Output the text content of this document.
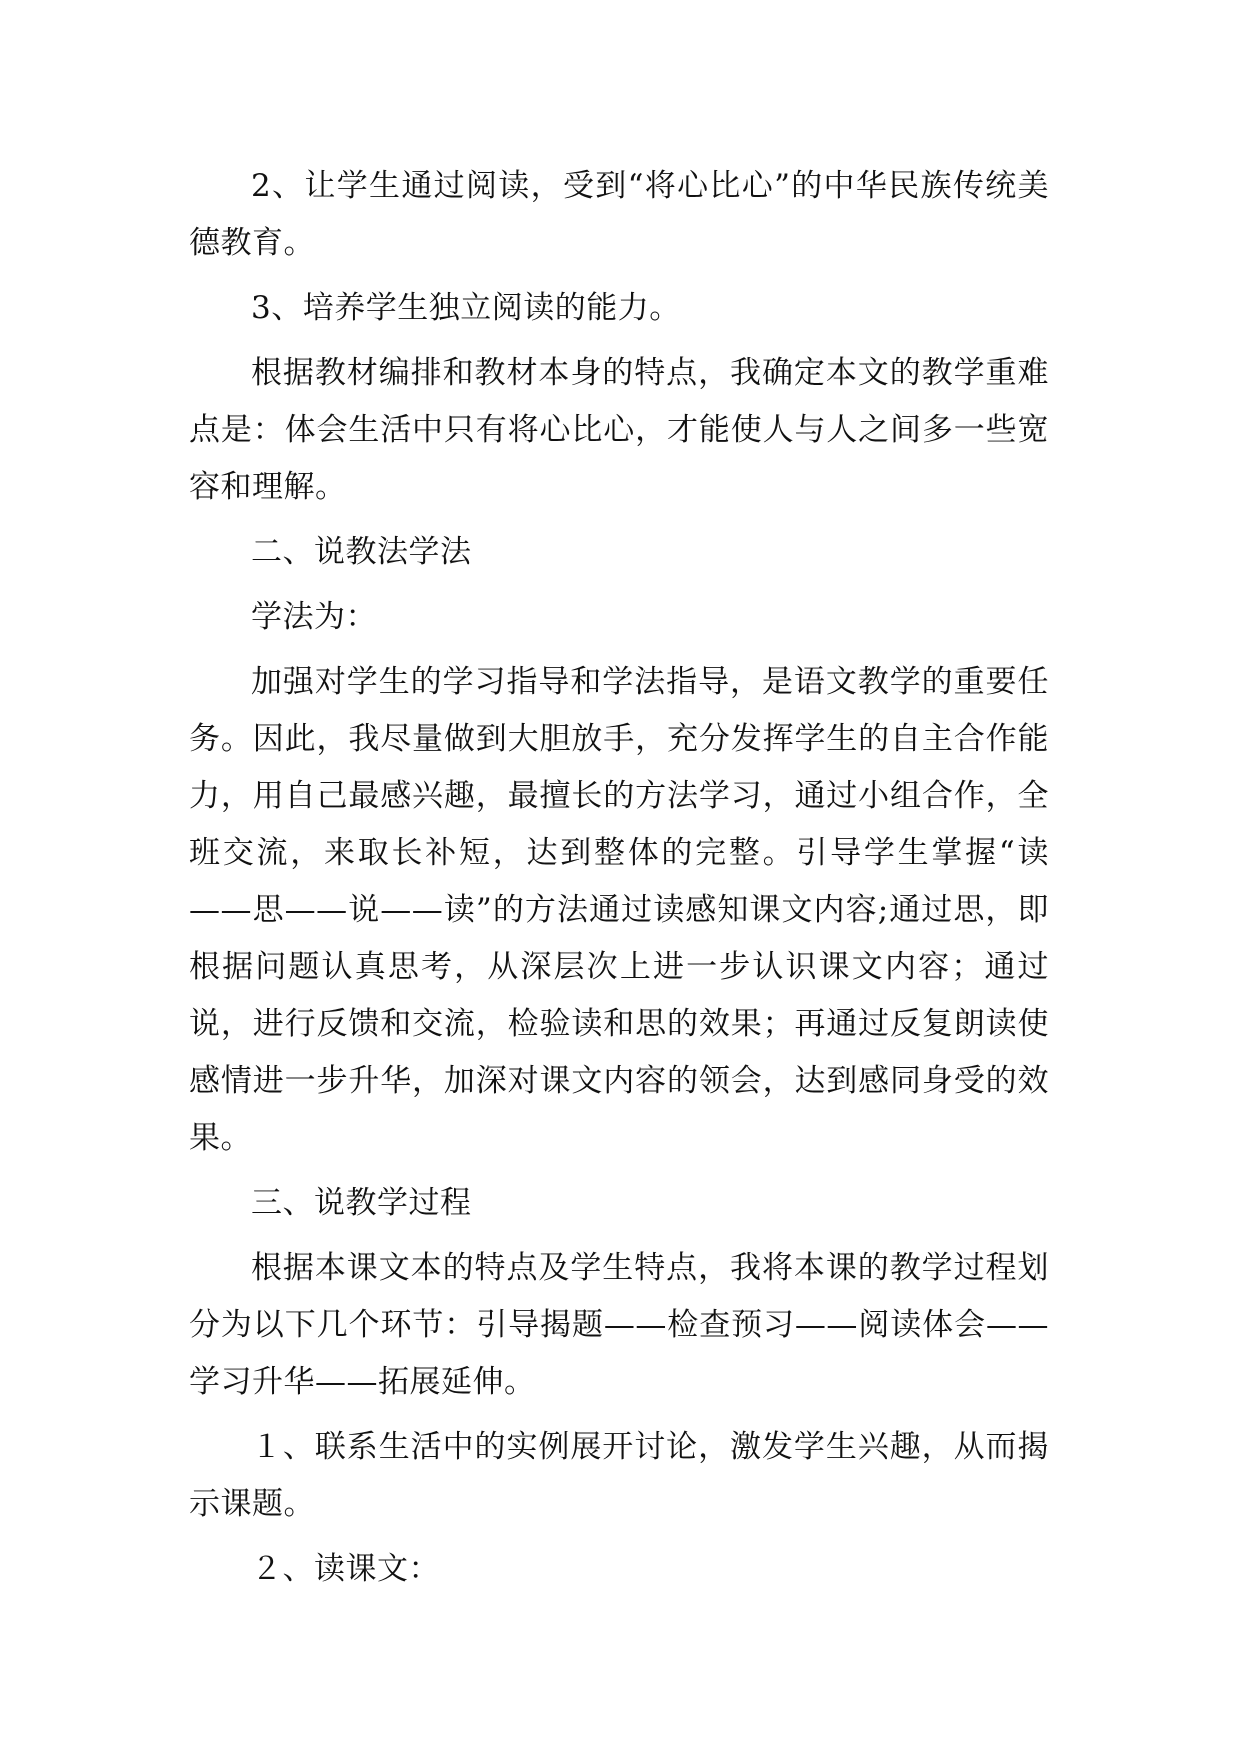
2、让学生通过阅读，受到“将心比心”的中华民族传统美德教育。

3、培养学生独立阅读的能力。

根据教材编排和教材本身的特点，我确定本文的教学重难点是：体会生活中只有将心比心，才能使人与人之间多一些宽容和理解。

二、说教法学法

学法为：

加强对学生的学习指导和学法指导，是语文教学的重要任务。因此，我尽量做到大胆放手，充分发挥学生的自主合作能力，用自己最感兴趣，最擅长的方法学习，通过小组合作，全班交流，来取长补短，达到整体的完整。引导学生掌握“读——思——说——读”的方法通过读感知课文内容;通过思，即根据问题认真思考，从深层次上进一步认识课文内容；通过说，进行反馈和交流，检验读和思的效果；再通过反复朗读使感情进一步升华，加深对课文内容的领会，达到感同身受的效果。

三、说教学过程

根据本课文本的特点及学生特点，我将本课的教学过程划分为以下几个环节：引导揭题——检查预习——阅读体会——学习升华——拓展延伸。

１、联系生活中的实例展开讨论，激发学生兴趣，从而揭示课题。

２、读课文：
